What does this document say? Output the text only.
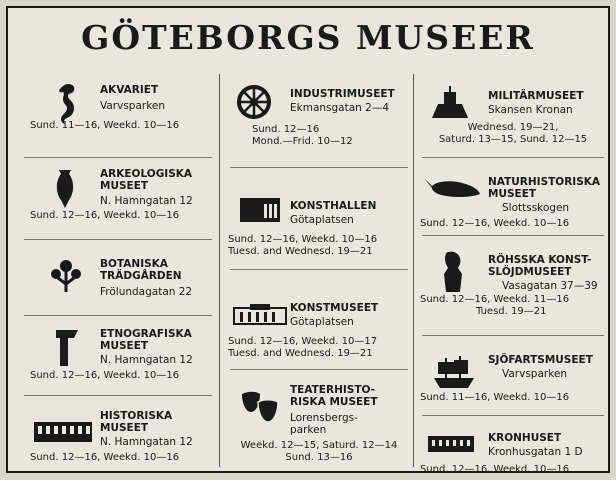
GÖTEBORGS MUSEER
AKVARIET
Varvsparken
Sund. 11—16, Weekd. 10—16
ARKEOLOGISKA
MUSEET
N. Hamngatan 12
Sund. 12—16, Weekd. 10—16
BOTANISKA
TRÄDGÅRDEN
Frölundagatan 22
ETNOGRAFISKA
MUSEET
N. Hamngatan 12
Sund. 12—16, Weekd. 10—16
HISTORISKA
MUSEET
N. Hamngatan 12
Sund. 12—16, Weekd. 10—16
INDUSTRIMUSEET
Ekmansgatan 2—4
Sund. 12—16
Mond.—Frid. 10—12
KONSTHALLEN
Götaplatsen
Sund. 12—16, Weekd. 10—16
Tuesd. and Wednesd. 19—21
KONSTMUSEET
Götaplatsen
Sund. 12—16, Weekd. 10—17
Tuesd. and Wednesd. 19—21
TEATERHISTO-
RISKA MUSEET
Lorensbergs-
parken
Weekd. 12—15, Saturd. 12—14
Sund. 13—16
MILITÄRMUSEET
Skansen Kronan
Wednesd. 19—21,
Saturd. 13—15, Sund. 12—15
NATURHISTORISKA
MUSEET
Slottsskogen
Sund. 12—16, Weekd. 10—16
RÖHSSKA KONST-
SLÖJDMUSEET
Vasagatan 37—39
Sund. 12—16, Weekd. 11—16
Tuesd. 19—21
SJÖFARTSMUSEET
Varvsparken
Sund. 11—16, Weekd. 10—16
KRONHUSET
Kronhusgatan 1 D
Sund. 12—16, Weekd. 10—16
